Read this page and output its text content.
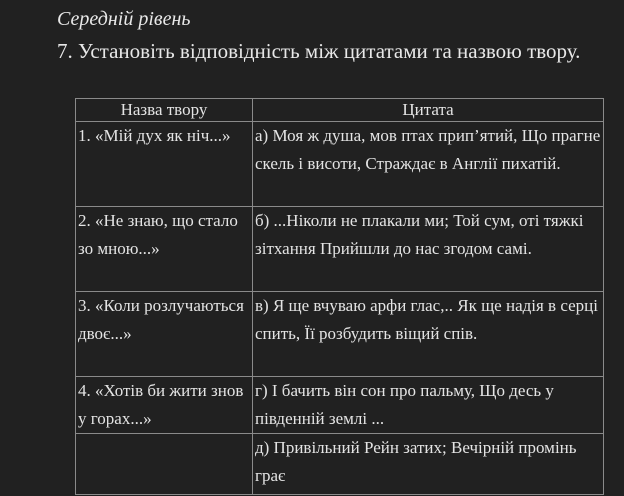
Середній рівень
7. Установіть відповідність між цитатами та назвою твору.
Назва твору	Цитата
1. «Мій дух як ніч...»	а) Моя ж душа, мов птах прип’ятий, Що прагне скель і висоти, Страждає в Англії пихатій.
2. «Не знаю, що стало зо мною...»	б) ...Ніколи не плакали ми; Той сум, оті тяжкі зітхання Прийшли до нас згодом самі.
3. «Коли розлучаються двоє...»	в) Я ще вчуваю арфи глас,.. Як ще надія в серці спить, Її розбудить віщий спів.
4. «Хотів би жити знов у горах...»	г) І бачить він сон про пальму, Що десь у південній землі ...
	д) Привільний Рейн затих; Вечірній промінь грає
